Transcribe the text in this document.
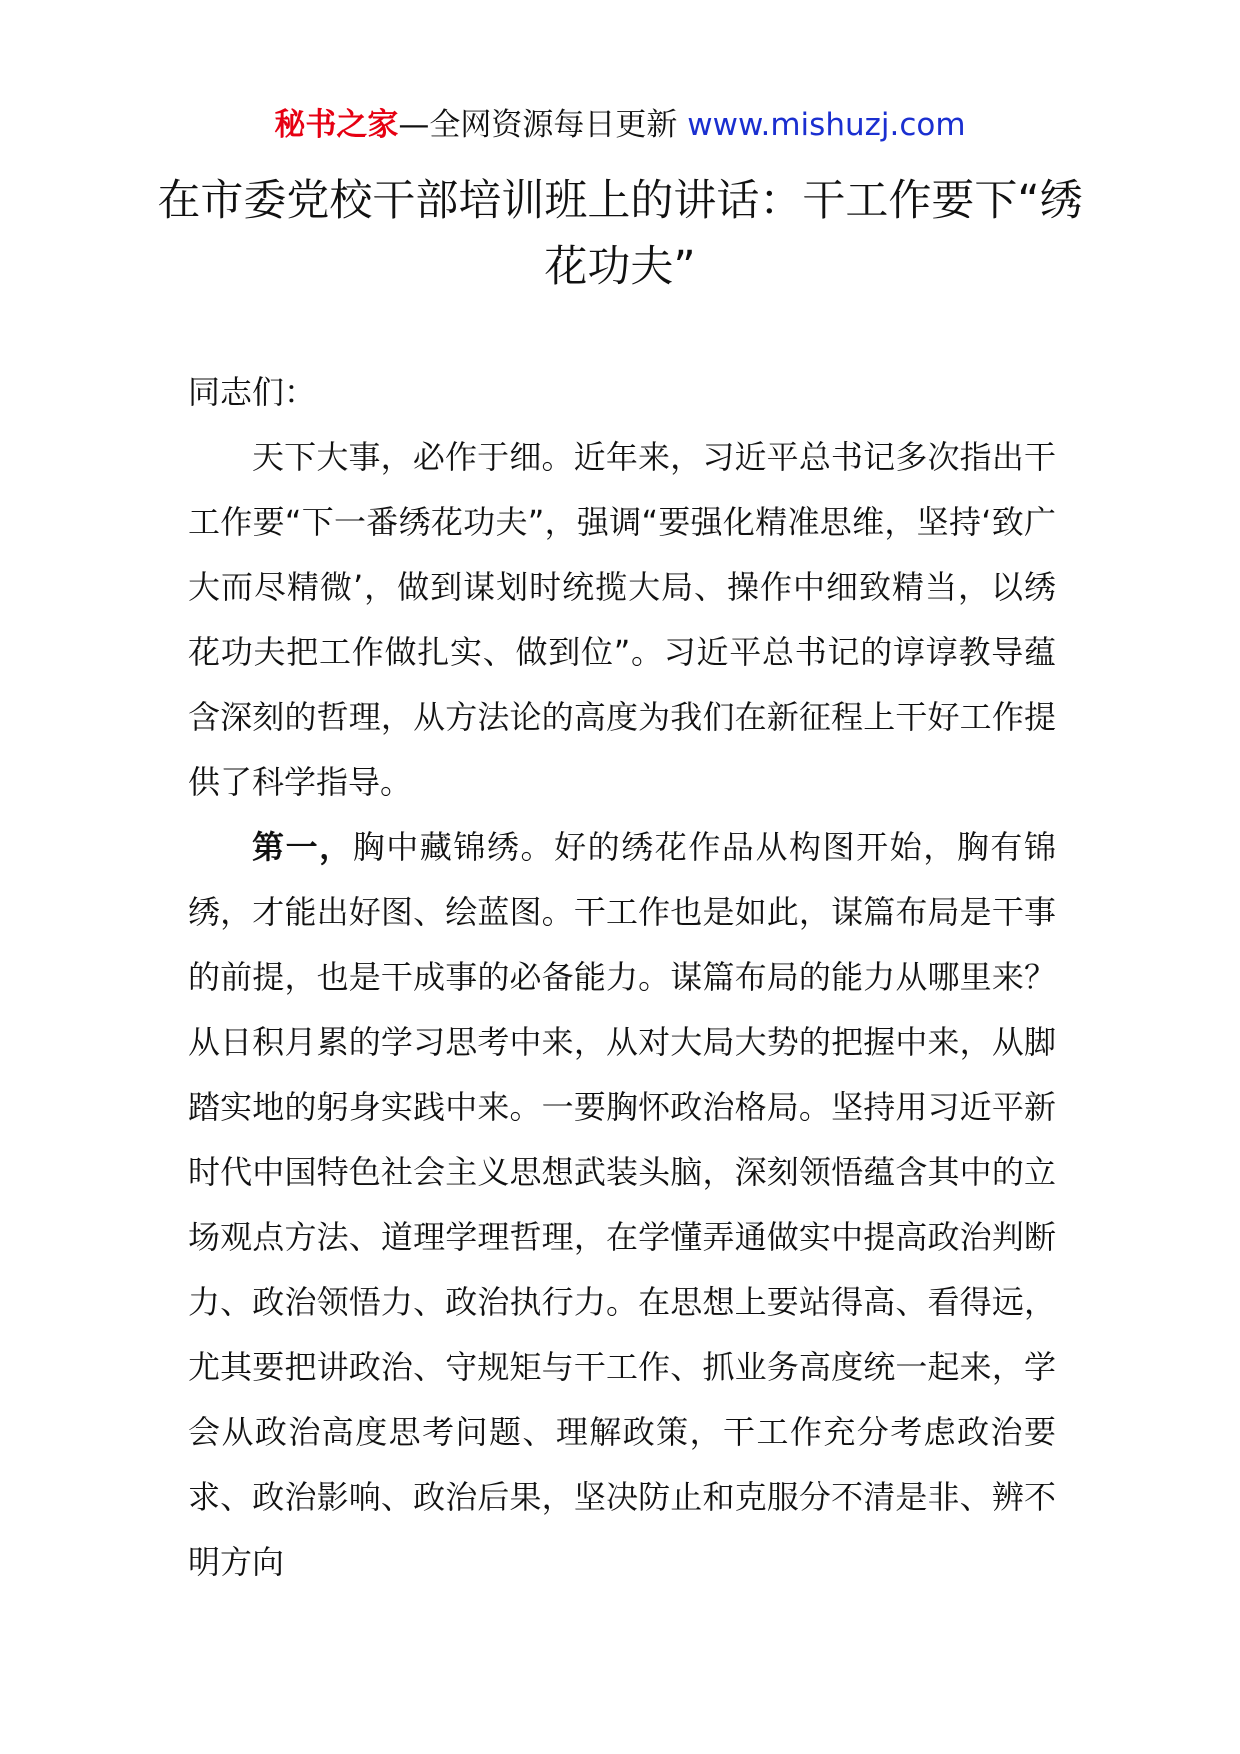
秘书之家—全网资源每日更新 www.mishuzj.com
在市委党校干部培训班上的讲话：干工作要下“绣花功夫”

同志们：

天下大事，必作于细。近年来，习近平总书记多次指出干工作要“下一番绣花功夫”，强调“要强化精准思维，坚持‘致广大而尽精微’，做到谋划时统揽大局、操作中细致精当，以绣花功夫把工作做扎实、做到位”。习近平总书记的谆谆教导蕴含深刻的哲理，从方法论的高度为我们在新征程上干好工作提供了科学指导。

第一，胸中藏锦绣。好的绣花作品从构图开始，胸有锦绣，才能出好图、绘蓝图。干工作也是如此，谋篇布局是干事的前提，也是干成事的必备能力。谋篇布局的能力从哪里来？从日积月累的学习思考中来，从对大局大势的把握中来，从脚踏实地的躬身实践中来。一要胸怀政治格局。坚持用习近平新时代中国特色社会主义思想武装头脑，深刻领悟蕴含其中的立场观点方法、道理学理哲理，在学懂弄通做实中提高政治判断力、政治领悟力、政治执行力。在思想上要站得高、看得远，尤其要把讲政治、守规矩与干工作、抓业务高度统一起来，学会从政治高度思考问题、理解政策，干工作充分考虑政治要求、政治影响、政治后果，坚决防止和克服分不清是非、辨不明方向
